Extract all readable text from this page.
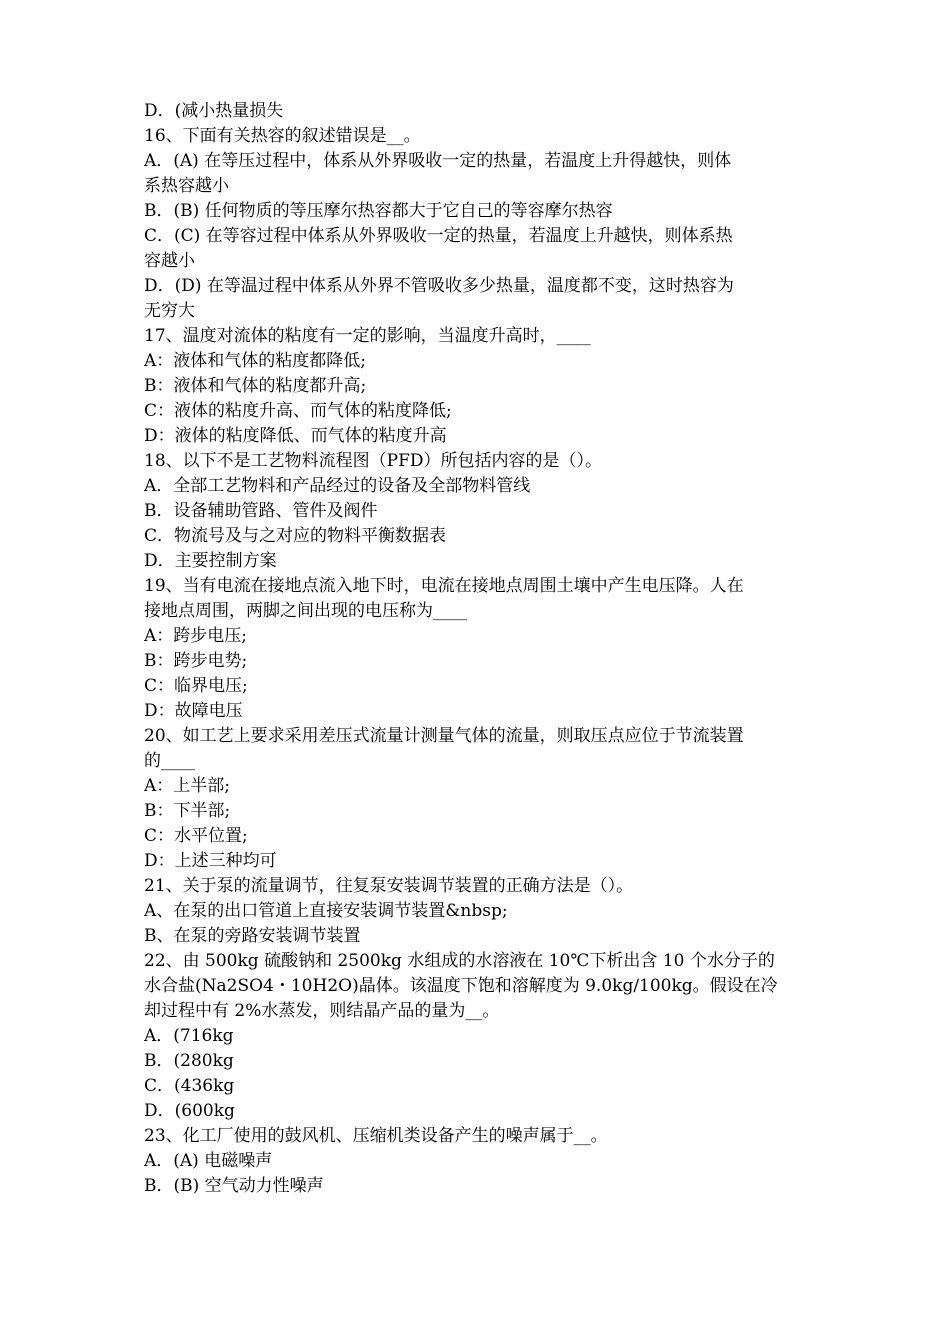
D．(减小热量损失
16、下面有关热容的叙述错误是__。
A．(A) 在等压过程中，体系从外界吸收一定的热量，若温度上升得越快，则体
系热容越小
B．(B) 任何物质的等压摩尔热容都大于它自己的等容摩尔热容
C．(C) 在等容过程中体系从外界吸收一定的热量，若温度上升越快，则体系热
容越小
D．(D) 在等温过程中体系从外界不管吸收多少热量，温度都不变，这时热容为
无穷大
17、温度对流体的粘度有一定的影响，当温度升高时，____
A：液体和气体的粘度都降低;
B：液体和气体的粘度都升高;
C：液体的粘度升高、而气体的粘度降低;
D：液体的粘度降低、而气体的粘度升高
18、以下不是工艺物料流程图（PFD）所包括内容的是（）。
A．全部工艺物料和产品经过的设备及全部物料管线
B．设备辅助管路、管件及阀件
C．物流号及与之对应的物料平衡数据表
D．主要控制方案
19、当有电流在接地点流入地下时，电流在接地点周围土壤中产生电压降。人在
接地点周围，两脚之间出现的电压称为____
A：跨步电压;
B：跨步电势;
C：临界电压;
D：故障电压
20、如工艺上要求采用差压式流量计测量气体的流量，则取压点应位于节流装置
的____
A：上半部;
B：下半部;
C：水平位置;
D：上述三种均可
21、关于泵的流量调节，往复泵安装调节装置的正确方法是（）。
A、在泵的出口管道上直接安装调节装置&nbsp;
B、在泵的旁路安装调节装置
22、由 500kg 硫酸钠和 2500kg 水组成的水溶液在 10℃下析出含 10 个水分子的
水合盐(Na2SO4・10H2O)晶体。该温度下饱和溶解度为 9.0kg/100kg。假设在冷
却过程中有 2%水蒸发，则结晶产品的量为__。
A．(716kg
B．(280kg
C．(436kg
D．(600kg
23、化工厂使用的鼓风机、压缩机类设备产生的噪声属于__。
A．(A) 电磁噪声
B．(B) 空气动力性噪声
